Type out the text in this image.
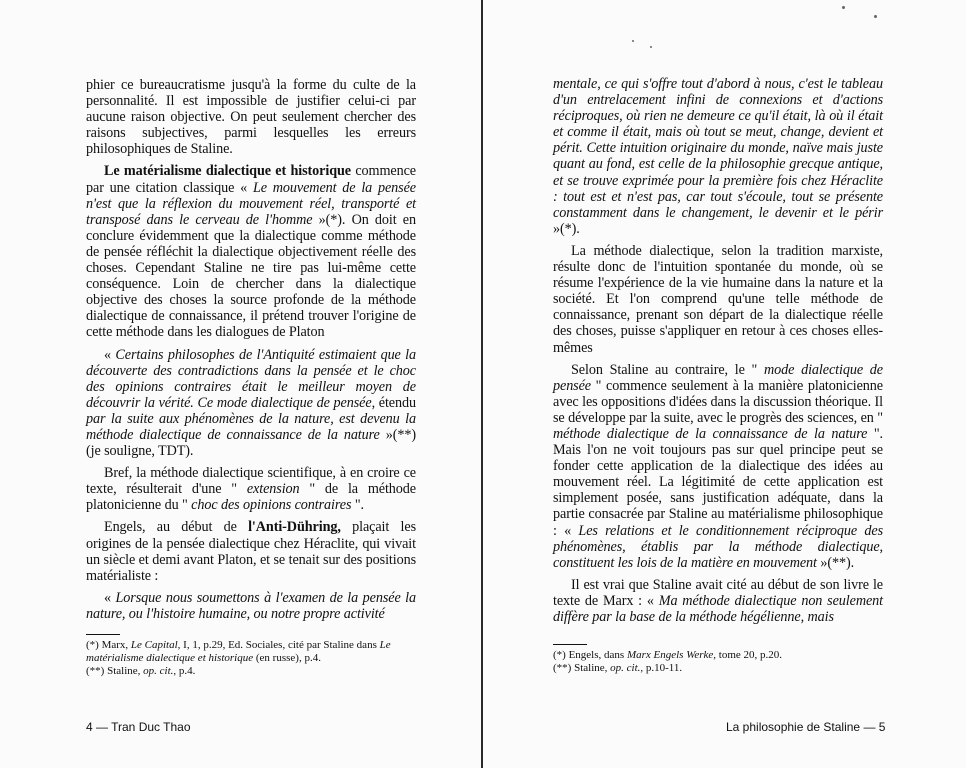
phier ce bureaucratisme jusqu'à la forme du culte de la personnalité. Il est impossible de justifier celui-ci par aucune raison objective. On peut seulement chercher des raisons subjectives, parmi lesquelles les erreurs philosophiques de Staline.

Le matérialisme dialectique et historique commence par une citation classique « Le mouvement de la pensée n'est que la réflexion du mouvement réel, transporté et transposé dans le cerveau de l'homme »(*). On doit en conclure évidemment que la dialectique comme méthode de pensée réfléchit la dialectique objectivement réelle des choses. Cependant Staline ne tire pas lui-même cette conséquence. Loin de chercher dans la dialectique objective des choses la source profonde de la méthode dialectique de connaissance, il prétend trouver l'origine de cette méthode dans les dialogues de Platon

« Certains philosophes de l'Antiquité estimaient que la découverte des contradictions dans la pensée et le choc des opinions contraires était le meilleur moyen de découvrir la vérité. Ce mode dialectique de pensée, étendu par la suite aux phénomènes de la nature, est devenu la méthode dialectique de connaissance de la nature »(**) (je souligne, TDT).

Bref, la méthode dialectique scientifique, à en croire ce texte, résulterait d'une " extension " de la méthode platonicienne du " choc des opinions contraires ".

Engels, au début de l'Anti-Dühring, plaçait les origines de la pensée dialectique chez Héraclite, qui vivait un siècle et demi avant Platon, et se tenait sur des positions matérialiste :

« Lorsque nous soumettons à l'examen de la pensée la nature, ou l'histoire humaine, ou notre propre activité

(*) Marx, Le Capital, I, 1, p.29, Ed. Sociales, cité par Staline dans Le matérialisme dialectique et historique (en russe), p.4.
(**) Staline, op. cit., p.4.
4 — Tran Duc Thao

mentale, ce qui s'offre tout d'abord à nous, c'est le tableau d'un entrelacement infini de connexions et d'actions réciproques, où rien ne demeure ce qu'il était, là où il était et comme il était, mais où tout se meut, change, devient et périt. Cette intuition originaire du monde, naïve mais juste quant au fond, est celle de la philosophie grecque antique, et se trouve exprimée pour la première fois chez Héraclite : tout est et n'est pas, car tout s'écoule, tout se présente constamment dans le changement, le devenir et le périr »(*).

La méthode dialectique, selon la tradition marxiste, résulte donc de l'intuition spontanée du monde, où se résume l'expérience de la vie humaine dans la nature et la société. Et l'on comprend qu'une telle méthode de connaissance, prenant son départ de la dialectique réelle des choses, puisse s'appliquer en retour à ces choses elles-mêmes

Selon Staline au contraire, le " mode dialectique de pensée " commence seulement à la manière platonicienne avec les oppositions d'idées dans la discussion théorique. Il se développe par la suite, avec le progrès des sciences, en " méthode dialectique de la connaissance de la nature ". Mais l'on ne voit toujours pas sur quel principe peut se fonder cette application de la dialectique des idées au mouvement réel. La légitimité de cette application est simplement posée, sans justification adéquate, dans la partie consacrée par Staline au matérialisme philosophique : « Les relations et le conditionnement réciproque des phénomènes, établis par la méthode dialectique, constituent les lois de la matière en mouvement »(**).

Il est vrai que Staline avait cité au début de son livre le texte de Marx : « Ma méthode dialectique non seulement diffère par la base de la méthode hégélienne, mais

(*) Engels, dans Marx Engels Werke, tome 20, p.20.
(**) Staline, op. cit., p.10-11.
La philosophie de Staline — 5
